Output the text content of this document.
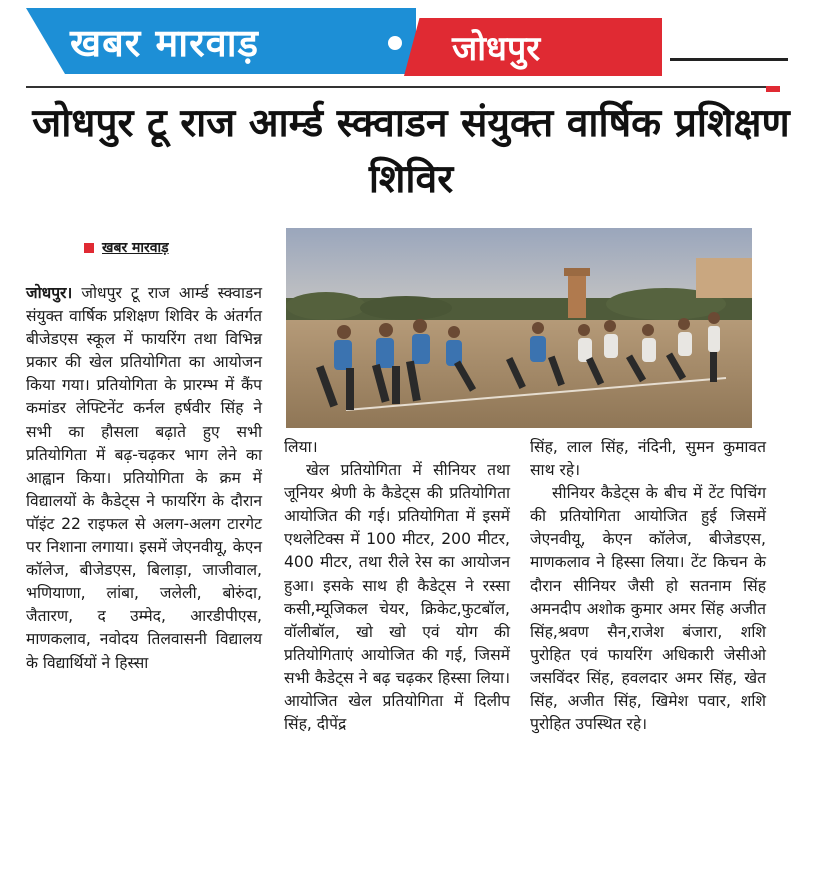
खबर मारवाड़	जोधपुर
जोधपुर टू राज आर्म्ड स्क्वाडन संयुक्त वार्षिक प्रशिक्षण शिविर
खबर मारवाड़

जोधपुर। जोधपुर टू राज आर्म्ड स्क्वाडन संयुक्त वार्षिक प्रशिक्षण शिविर के अंतर्गत बीजेडएस स्कूल में फायरिंग तथा विभिन्न प्रकार की खेल प्रतियोगिता का आयोजन किया गया। प्रतियोगिता के प्रारम्भ में कैंप कमांडर लेफ्टिनेंट कर्नल हर्षवीर सिंह ने सभी का हौसला बढ़ाते हुए सभी प्रतियोगिता में बढ़-चढ़कर भाग लेने का आह्वान किया। प्रतियोगिता के क्रम में विद्यालयों के कैडेट्स ने फायरिंग के दौरान पॉइंट 22 राइफल से अलग-अलग टारगेट पर निशाना लगाया। इसमें जेएनवीयू, केएन कॉलेज, बीजेडएस, बिलाड़ा, जाजीवाल, भणियाणा, लांबा, जलेली, बोरुंदा, जैतारण, द उम्मेद, आरडीपीएस, माणकलाव, नवोदय तिलवासनी विद्यालय के विद्यार्थियों ने हिस्सा

लिया।

खेल प्रतियोगिता में सीनियर तथा जूनियर श्रेणी के कैडेट्स की प्रतियोगिता आयोजित की गई। प्रतियोगिता में इसमें एथलेटिक्स में 100 मीटर, 200 मीटर, 400 मीटर, तथा रीले रेस का आयोजन हुआ। इसके साथ ही कैडेट्स ने रस्सा कसी,म्यूजिकल चेयर, क्रिकेट,फुटबॉल, वॉलीबॉल, खो खो एवं योग की प्रतियोगिताएं आयोजित की गई, जिसमें सभी कैडेट्स ने बढ़ चढ़कर हिस्सा लिया। आयोजित खेल प्रतियोगिता में दिलीप सिंह, दीपेंद्र

सिंह, लाल सिंह, नंदिनी, सुमन कुमावत साथ रहे।

सीनियर कैडेट्स के बीच में टेंट पिचिंग की प्रतियोगिता आयोजित हुई जिसमें जेएनवीयू, केएन कॉलेज, बीजेडएस, माणकलाव ने हिस्सा लिया। टेंट किचन के दौरान सीनियर जैसी हो सतनाम सिंह अमनदीप अशोक कुमार अमर सिंह अजीत सिंह,श्रवण सैन,राजेश बंजारा, शशि पुरोहित एवं फायरिंग अधिकारी जेसीओ जसविंदर सिंह, हवलदार अमर सिंह, खेत सिंह, अजीत सिंह, खिमेश पवार, शशि पुरोहित उपस्थित रहे।
